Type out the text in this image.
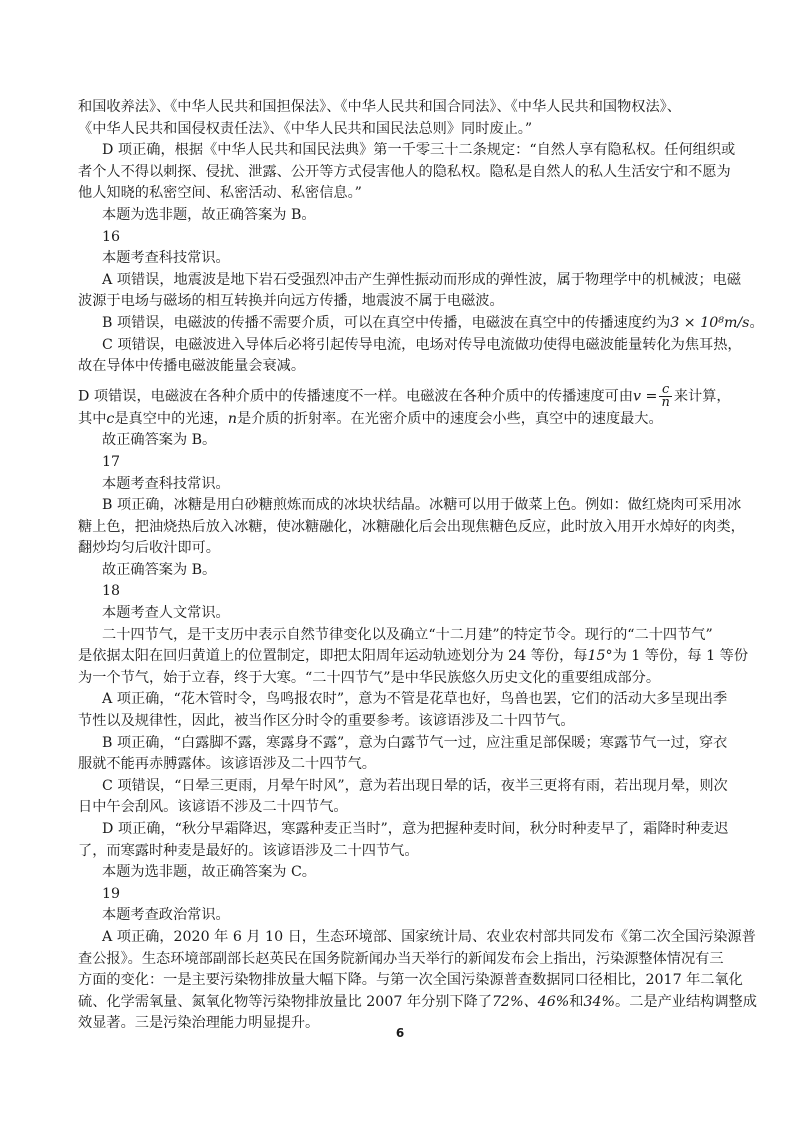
和国收养法》、《中华人民共和国担保法》、《中华人民共和国合同法》、《中华人民共和国物权法》、

《中华人民共和国侵权责任法》、《中华人民共和国民法总则》同时废止。”

D 项正确，根据《中华人民共和国民法典》第一千零三十二条规定：“自然人享有隐私权。任何组织或

者个人不得以刺探、侵扰、泄露、公开等方式侵害他人的隐私权。隐私是自然人的私人生活安宁和不愿为

他人知晓的私密空间、私密活动、私密信息。”

本题为选非题，故正确答案为 B。

16

本题考查科技常识。

A 项错误，地震波是地下岩石受强烈冲击产生弹性振动而形成的弹性波，属于物理学中的机械波；电磁

波源于电场与磁场的相互转换并向远方传播，地震波不属于电磁波。

B 项错误，电磁波的传播不需要介质，可以在真空中传播，电磁波在真空中的传播速度约为3 × 10⁸m/s。

C 项错误，电磁波进入导体后必将引起传导电流，电场对传导电流做功使得电磁波能量转化为焦耳热，

故在导体中传播电磁波能量会衰减。

D 项错误，电磁波在各种介质中的传播速度不一样。电磁波在各种介质中的传播速度可由$v = \frac{c}{n}$ 来计算，

其中c是真空中的光速，n是介质的折射率。在光密介质中的速度会小些，真空中的速度最大。

故正确答案为 B。

17

本题考查科技常识。

B 项正确，冰糖是用白砂糖煎炼而成的冰块状结晶。冰糖可以用于做菜上色。例如：做红烧肉可采用冰

糖上色，把油烧热后放入冰糖，使冰糖融化，冰糖融化后会出现焦糖色反应，此时放入用开水焯好的肉类，

翻炒均匀后收汁即可。

故正确答案为 B。

18

本题考查人文常识。

二十四节气，是干支历中表示自然节律变化以及确立“十二月建”的特定节令。现行的“二十四节气”

是依据太阳在回归黄道上的位置制定，即把太阳周年运动轨迹划分为 24 等份，每15°为 1 等份，每 1 等份

为一个节气，始于立春，终于大寒。“二十四节气”是中华民族悠久历史文化的重要组成部分。

A 项正确，“花木管时令，鸟鸣报农时”，意为不管是花草也好，鸟兽也罢，它们的活动大多呈现出季

节性以及规律性，因此，被当作区分时令的重要参考。该谚语涉及二十四节气。

B 项正确，“白露脚不露，寒露身不露”，意为白露节气一过，应注重足部保暖；寒露节气一过，穿衣

服就不能再赤膊露体。该谚语涉及二十四节气。

C 项错误，“日晕三更雨，月晕午时风”，意为若出现日晕的话，夜半三更将有雨，若出现月晕，则次

日中午会刮风。该谚语不涉及二十四节气。

D 项正确，“秋分早霜降迟，寒露种麦正当时”，意为把握种麦时间，秋分时种麦早了，霜降时种麦迟

了，而寒露时种麦是最好的。该谚语涉及二十四节气。

本题为选非题，故正确答案为 C。

19

本题考查政治常识。

A 项正确，2020 年 6 月 10 日，生态环境部、国家统计局、农业农村部共同发布《第二次全国污染源普

查公报》。生态环境部副部长赵英民在国务院新闻办当天举行的新闻发布会上指出，污染源整体情况有三

方面的变化：一是主要污染物排放量大幅下降。与第一次全国污染源普查数据同口径相比，2017 年二氧化

硫、化学需氧量、氮氧化物等污染物排放量比 2007 年分别下降了72%、46%和34%。二是产业结构调整成

效显著。三是污染治理能力明显提升。

6
